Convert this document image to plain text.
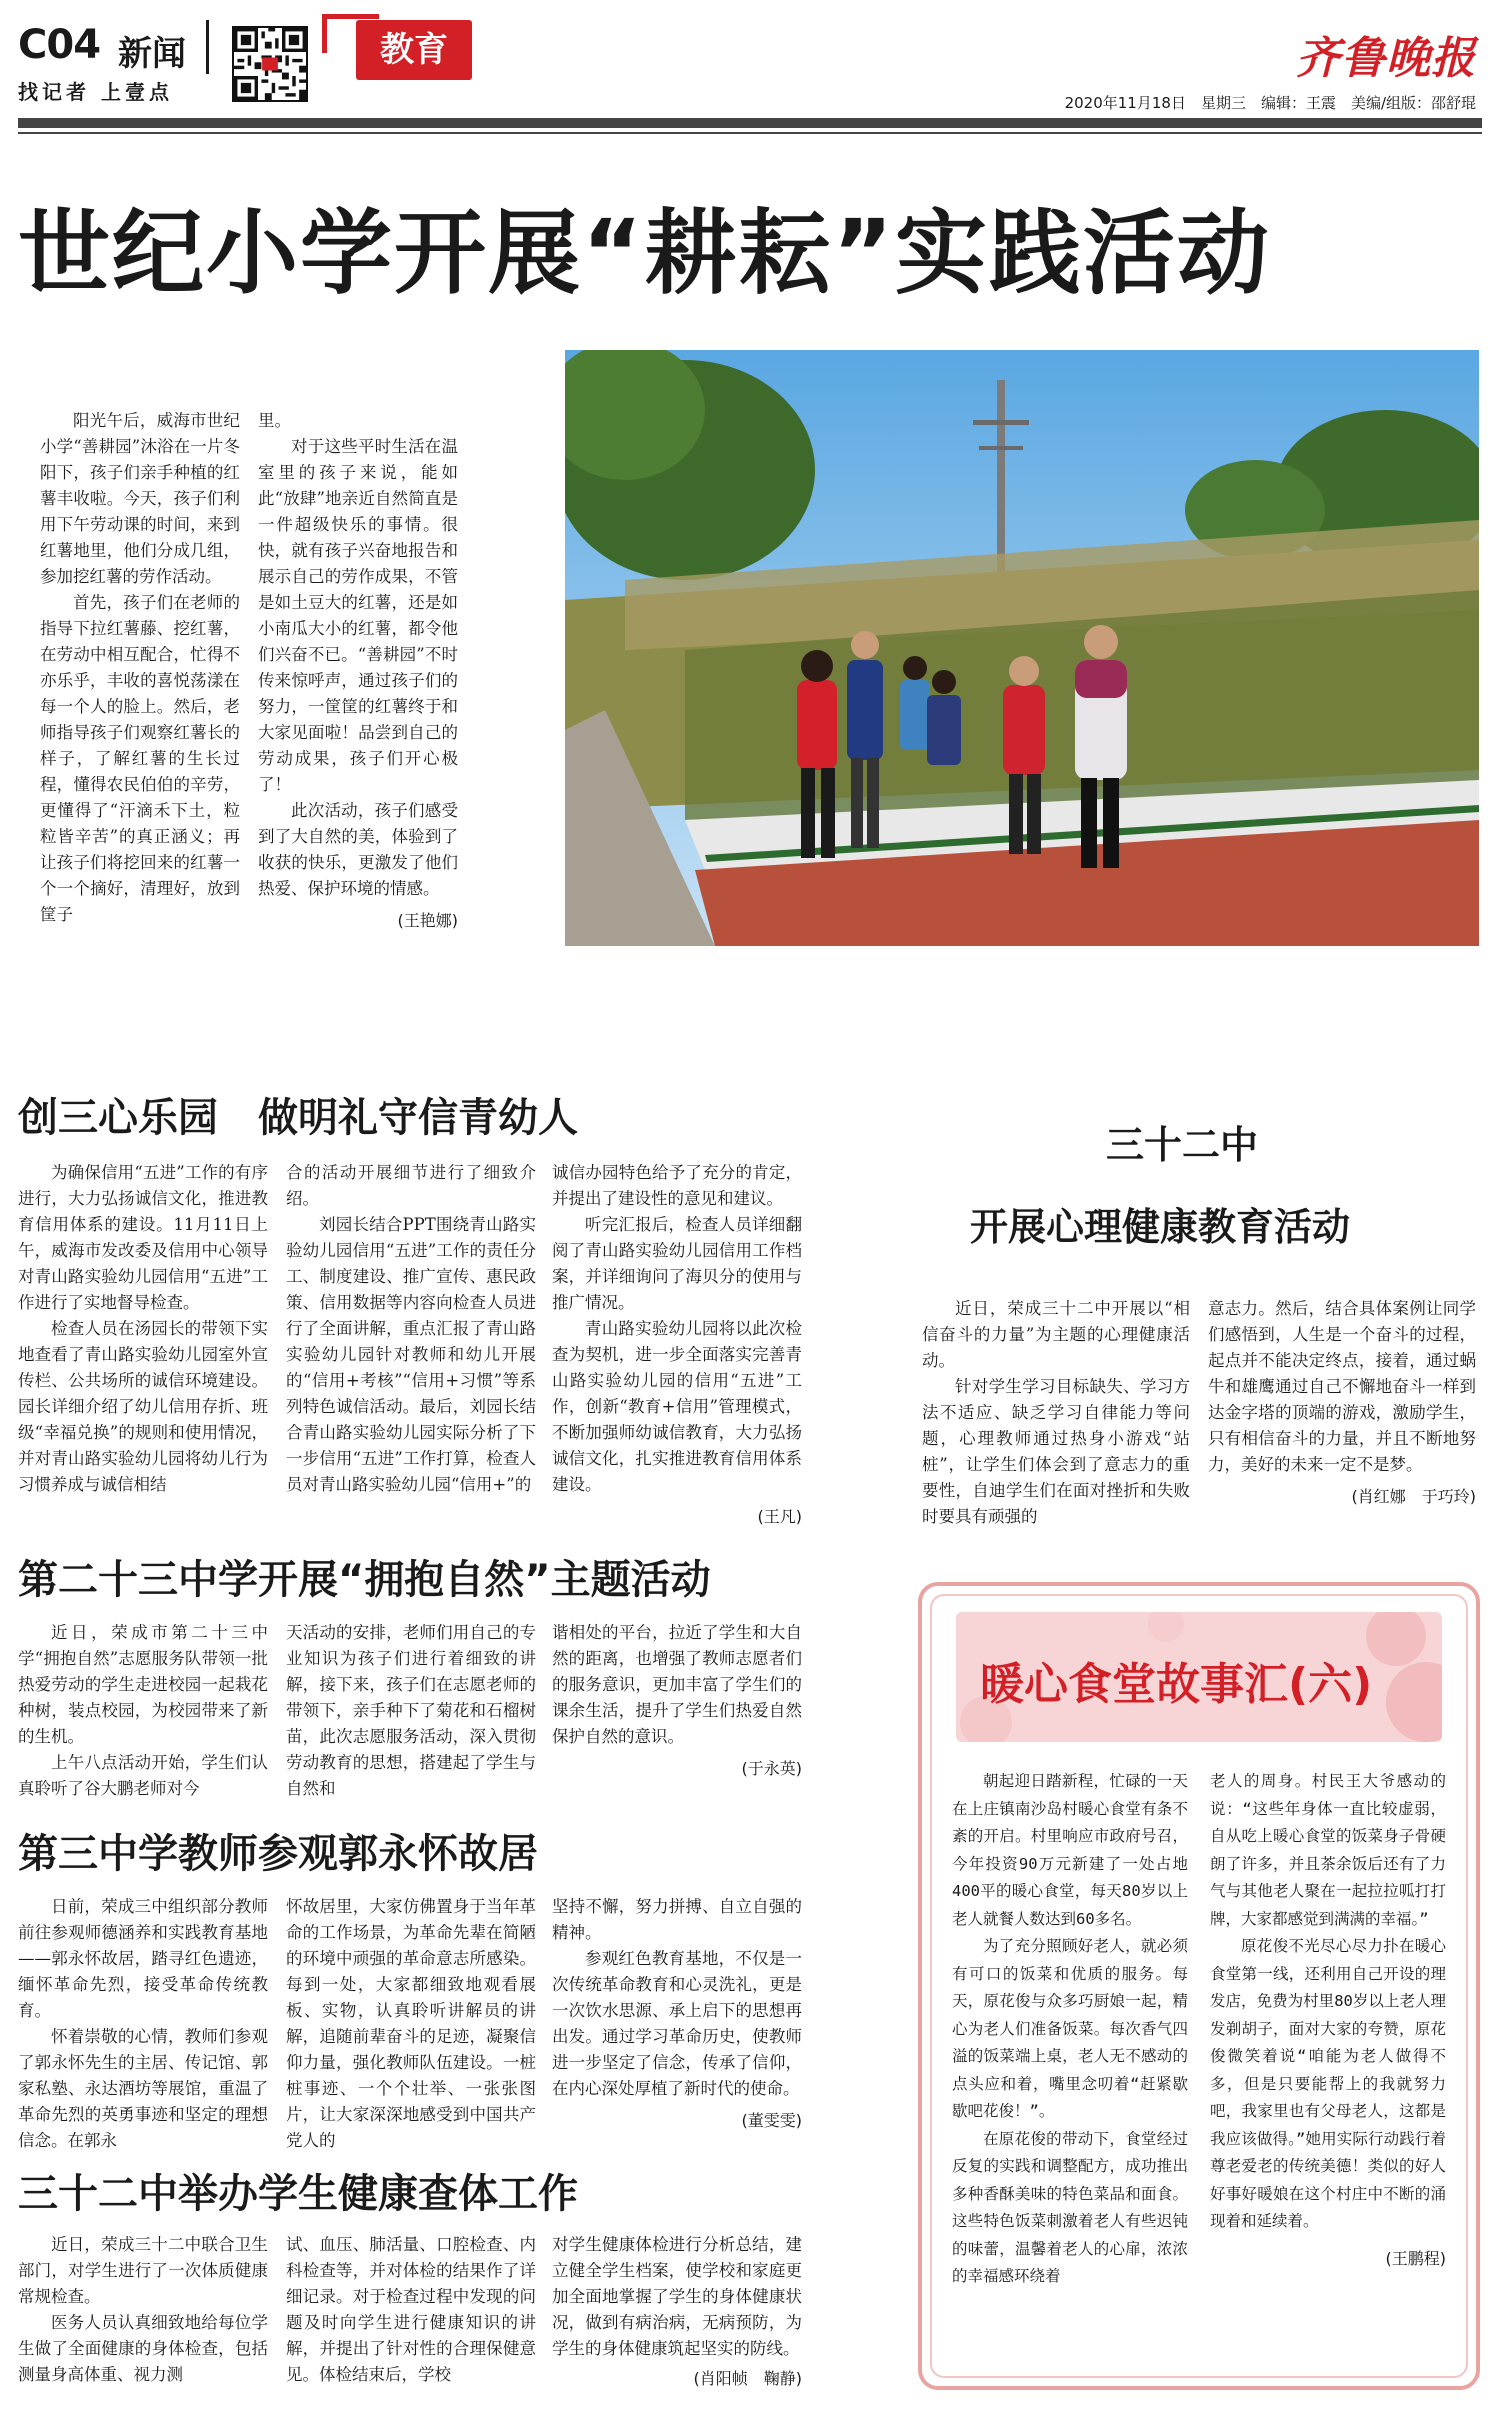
C04 新闻
找记者 上壹点
教育	齐鲁晚报
2020年11月18日　星期三　编辑：王震　美编/组版：邵舒琨
世纪小学开展“耕耘”实践活动

阳光午后，威海市世纪小学“善耕园”沐浴在一片冬阳下，孩子们亲手种植的红薯丰收啦。今天，孩子们利用下午劳动课的时间，来到红薯地里，他们分成几组，参加挖红薯的劳作活动。

首先，孩子们在老师的指导下拉红薯藤、挖红薯，在劳动中相互配合，忙得不亦乐乎，丰收的喜悦荡漾在每一个人的脸上。然后，老师指导孩子们观察红薯长的样子，了解红薯的生长过程，懂得农民伯伯的辛劳，更懂得了“汗滴禾下土，粒粒皆辛苦”的真正涵义；再让孩子们将挖回来的红薯一个一个摘好，清理好，放到筐子

里。

对于这些平时生活在温室里的孩子来说，能如此“放肆”地亲近自然简直是一件超级快乐的事情。很快，就有孩子兴奋地报告和展示自己的劳作成果，不管是如土豆大的红薯，还是如小南瓜大小的红薯，都令他们兴奋不已。“善耕园”不时传来惊呼声，通过孩子们的努力，一筐筐的红薯终于和大家见面啦！品尝到自己的劳动成果，孩子们开心极了！

此次活动，孩子们感受到了大自然的美，体验到了收获的快乐，更激发了他们热爱、保护环境的情感。

(王艳娜)
创三心乐园　做明礼守信青幼人

为确保信用“五进”工作的有序进行，大力弘扬诚信文化，推进教育信用体系的建设。11月11日上午，威海市发改委及信用中心领导对青山路实验幼儿园信用“五进”工作进行了实地督导检查。

检查人员在汤园长的带领下实地查看了青山路实验幼儿园室外宣传栏、公共场所的诚信环境建设。园长详细介绍了幼儿信用存折、班级“幸福兑换”的规则和使用情况，并对青山路实验幼儿园将幼儿行为习惯养成与诚信相结

合的活动开展细节进行了细致介绍。

刘园长结合PPT围绕青山路实验幼儿园信用“五进”工作的责任分工、制度建设、推广宣传、惠民政策、信用数据等内容向检查人员进行了全面讲解，重点汇报了青山路实验幼儿园针对教师和幼儿开展的“信用+考核”“信用+习惯”等系列特色诚信活动。最后，刘园长结合青山路实验幼儿园实际分析了下一步信用“五进”工作打算，检查人员对青山路实验幼儿园“信用+”的

诚信办园特色给予了充分的肯定，并提出了建设性的意见和建议。

听完汇报后，检查人员详细翻阅了青山路实验幼儿园信用工作档案，并详细询问了海贝分的使用与推广情况。

青山路实验幼儿园将以此次检查为契机，进一步全面落实完善青山路实验幼儿园的信用“五进”工作，创新“教育+信用”管理模式，不断加强师幼诚信教育，大力弘扬诚信文化，扎实推进教育信用体系建设。

(王凡)
三十二中
开展心理健康教育活动

近日，荣成三十二中开展以“相信奋斗的力量”为主题的心理健康活动。

针对学生学习目标缺失、学习方法不适应、缺乏学习自律能力等问题，心理教师通过热身小游戏“站桩”，让学生们体会到了意志力的重要性，自迪学生们在面对挫折和失败时要具有顽强的

意志力。然后，结合具体案例让同学们感悟到，人生是一个奋斗的过程，起点并不能决定终点，接着，通过蜗牛和雄鹰通过自己不懈地奋斗一样到达金字塔的顶端的游戏，激励学生，只有相信奋斗的力量，并且不断地努力，美好的未来一定不是梦。

(肖红娜　于巧玲)
第二十三中学开展“拥抱自然”主题活动

近日，荣成市第二十三中学“拥抱自然”志愿服务队带领一批热爱劳动的学生走进校园一起栽花种树，装点校园，为校园带来了新的生机。

上午八点活动开始，学生们认真聆听了谷大鹏老师对今

天活动的安排，老师们用自己的专业知识为孩子们进行着细致的讲解，接下来，孩子们在志愿老师的带领下，亲手种下了菊花和石榴树苗，此次志愿服务活动，深入贯彻劳动教育的思想，搭建起了学生与自然和

谐相处的平台，拉近了学生和大自然的距离，也增强了教师志愿者们的服务意识，更加丰富了学生们的课余生活，提升了学生们热爱自然保护自然的意识。

(于永英)
第三中学教师参观郭永怀故居

日前，荣成三中组织部分教师前往参观师德涵养和实践教育基地——郭永怀故居，踏寻红色遗迹，缅怀革命先烈，接受革命传统教育。

怀着崇敬的心情，教师们参观了郭永怀先生的主居、传记馆、郭家私塾、永达酒坊等展馆，重温了革命先烈的英勇事迹和坚定的理想信念。在郭永

怀故居里，大家仿佛置身于当年革命的工作场景，为革命先辈在简陋的环境中顽强的革命意志所感染。每到一处，大家都细致地观看展板、实物，认真聆听讲解员的讲解，追随前辈奋斗的足迹，凝聚信仰力量，强化教师队伍建设。一桩桩事迹、一个个壮举、一张张图片，让大家深深地感受到中国共产党人的

坚持不懈，努力拼搏、自立自强的精神。

参观红色教育基地，不仅是一次传统革命教育和心灵洗礼，更是一次饮水思源、承上启下的思想再出发。通过学习革命历史，使教师进一步坚定了信念，传承了信仰，在内心深处厚植了新时代的使命。

(董雯雯)
三十二中举办学生健康查体工作

近日，荣成三十二中联合卫生部门，对学生进行了一次体质健康常规检查。

医务人员认真细致地给每位学生做了全面健康的身体检查，包括测量身高体重、视力测

试、血压、肺活量、口腔检查、内科检查等，并对体检的结果作了详细记录。对于检查过程中发现的问题及时向学生进行健康知识的讲解，并提出了针对性的合理保健意见。体检结束后，学校

对学生健康体检进行分析总结，建立健全学生档案，使学校和家庭更加全面地掌握了学生的身体健康状况，做到有病治病，无病预防，为学生的身体健康筑起坚实的防线。

(肖阳帧　鞠静)
暖心食堂故事汇(六)

朝起迎日踏新程，忙碌的一天在上庄镇南沙岛村暖心食堂有条不紊的开启。村里响应市政府号召，今年投资90万元新建了一处占地400平的暖心食堂，每天80岁以上老人就餐人数达到60多名。

为了充分照顾好老人，就必须有可口的饭菜和优质的服务。每天，原花俊与众多巧厨娘一起，精心为老人们准备饭菜。每次香气四溢的饭菜端上桌，老人无不感动的点头应和着，嘴里念叨着“赶紧歇歇吧花俊！”。

在原花俊的带动下，食堂经过反复的实践和调整配方，成功推出多种香酥美味的特色菜品和面食。这些特色饭菜刺激着老人有些迟钝的味蕾，温馨着老人的心扉，浓浓的幸福感环绕着

老人的周身。村民王大爷感动的说：“这些年身体一直比较虚弱，自从吃上暖心食堂的饭菜身子骨硬朗了许多，并且茶余饭后还有了力气与其他老人聚在一起拉拉呱打打牌，大家都感觉到满满的幸福。”

原花俊不光尽心尽力扑在暖心食堂第一线，还利用自己开设的理发店，免费为村里80岁以上老人理发剃胡子，面对大家的夸赞，原花俊微笑着说“咱能为老人做得不多，但是只要能帮上的我就努力吧，我家里也有父母老人，这都是我应该做得。”她用实际行动践行着尊老爱老的传统美德！类似的好人好事好暖娘在这个村庄中不断的涌现着和延续着。

(王鹏程)
